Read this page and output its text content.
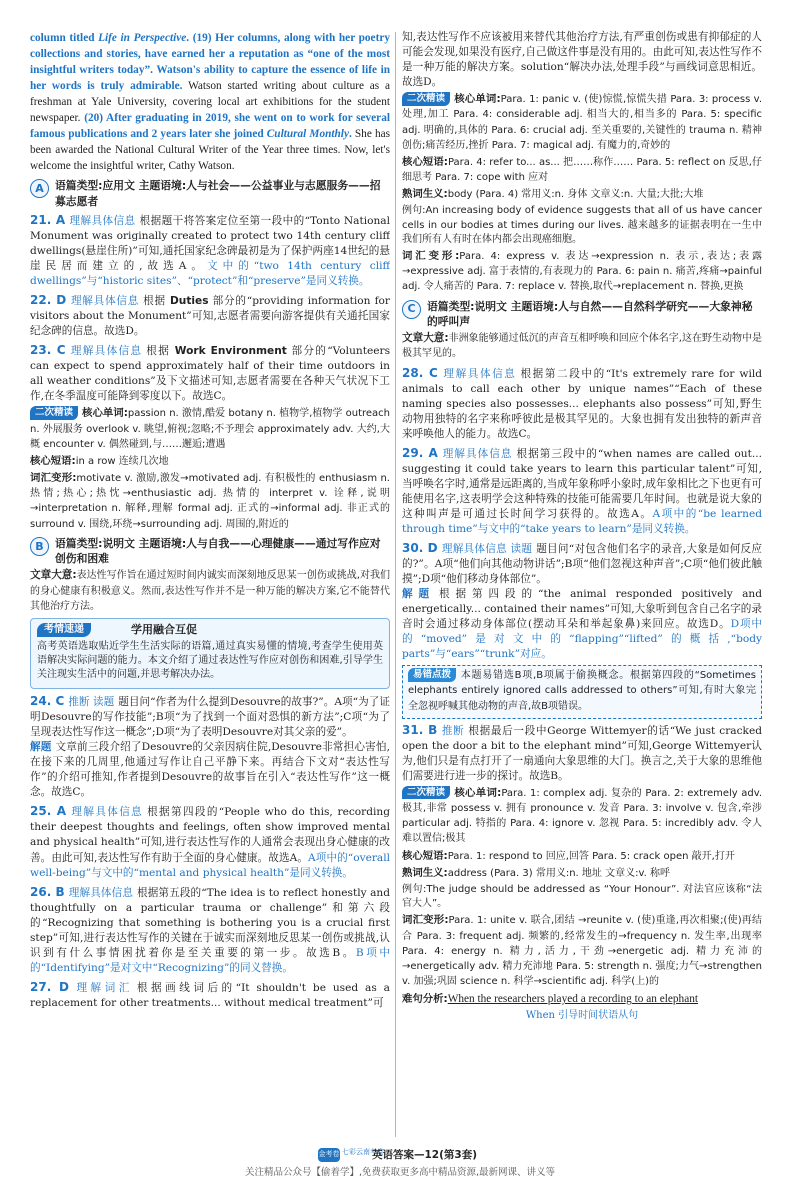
column titled Life in Perspective. (19) Her columns, along with her poetry collections and stories, have earned her a reputation as “one of the most insightful writers today”. Watson's ability to capture the essence of life in her words is truly admirable. Watson started writing about culture as a freshman at Yale University, covering local art exhibitions for the student newspaper. (20) After graduating in 2019, she went on to work for several famous publications and 2 years later she joined Cultural Monthly. She has been awarded the National Cultural Writer of the Year three times. Now, let's welcome the insightful writer, Cathy Watson.

A	语篇类型:应用文 主题语境:人与社会——公益事业与志愿服务——招募志愿者

21. A 理解具体信息 根据题干将答案定位至第一段中的“Tonto National Monument was originally created to protect two 14th century cliff dwellings(悬崖住所)”可知,通托国家纪念碑最初是为了保护两座14世纪的悬崖民居而建立的,故选A。文中的“two 14th century cliff dwellings”与“historic sites”、“protect”和“preserve”是同义转换。

22. D 理解具体信息 根据 Duties 部分的“providing information for visitors about the Monument”可知,志愿者需要向游客提供有关通托国家纪念碑的信息。故选D。

23. C 理解具体信息 根据 Work Environment 部分的“Volunteers can expect to spend approximately half of their time outdoors in all weather conditions”及下文描述可知,志愿者需要在各种天气状况下工作,在冬季温度可能降到零度以下。故选C。

二次精读 核心单词:passion n. 激情,酷爱 botany n. 植物学,植物学 outreach n. 外展服务 overlook v. 眺望,俯视;忽略;不予理会 approximately adv. 大约,大概 encounter v. 偶然碰到,与……邂逅;遭遇

核心短语:in a row 连续几次地

词汇变形:motivate v. 激励,激发→motivated adj. 有积极性的 enthusiasm n. 热情;热心;热忱→enthusiastic adj. 热情的 interpret v. 诠释,说明→interpretation n. 解释,理解 formal adj. 正式的→informal adj. 非正式的 surround v. 围绕,环绕→surrounding adj. 周围的,附近的

B	语篇类型:说明文 主题语境:人与自我——心理健康——通过写作应对创伤和困难

文章大意:表达性写作旨在通过短时间内诚实而深刻地反思某一创伤或挑战,对我们的身心健康有积极意义。然而,表达性写作并不是一种万能的解决方案,它不能替代其他治疗方法。

考情速递	学用融合互促

高考英语选取贴近学生生活实际的语篇,通过真实易懂的情境,考查学生使用英语解决实际问题的能力。本文介绍了通过表达性写作应对创伤和困难,引导学生关注现实生活中的问题,并思考解决办法。

24. C 推断 读题 题目问“作者为什么提到Desouvre的故事?”。A项“为了证明Desouvre的写作技能”;B项“为了找到一个面对恐惧的新方法”;C项“为了呈现表达性写作这一概念”;D项“为了表明Desouvre对其父亲的爱”。
解题 文章前三段介绍了Desouvre的父亲因病住院,Desouvre非常担心害怕,在接下来的几周里,他通过写作让自己平静下来。再结合下文对“表达性写作”的介绍可推知,作者提到Desouvre的故事旨在引入“表达性写作”这一概念。故选C。

25. A 理解具体信息 根据第四段的“People who do this, recording their deepest thoughts and feelings, often show improved mental and physical health”可知,进行表达性写作的人通常会表现出身心健康的改善。由此可知,表达性写作有助于全面的身心健康。故选A。A项中的“overall well-being”与文中的“mental and physical health”是同义转换。

26. B 理解具体信息 根据第五段的“The idea is to reflect honestly and thoughtfully on a particular trauma or challenge”和第六段的“Recognizing that something is bothering you is a crucial first step”可知,进行表达性写作的关键在于诚实而深刻地反思某一创伤或挑战,认识到有什么事情困扰着你是至关重要的第一步。故选B。B项中的“Identifying”是对文中“Recognizing”的同义替换。

27. D 理解词汇 根据画线词后的“It shouldn't be used as a replacement for other treatments... without medical treatment”可

知,表达性写作不应该被用来替代其他治疗方法,有严重创伤或患有抑郁症的人可能会发现,如果没有医疗,自己做这件事是没有用的。由此可知,表达性写作不是一种万能的解决方案。solution“解决办法,处理手段”与画线词意思相近。故选D。

二次精读 核心单词:Para. 1: panic v. (使)惊慌,惊慌失措 Para. 3: process v. 处理,加工 Para. 4: considerable adj. 相当大的,相当多的 Para. 5: specific adj. 明确的,具体的 Para. 6: crucial adj. 至关重要的,关键性的 trauma n. 精神创伤;痛苦经历,挫折 Para. 7: magical adj. 有魔力的,奇妙的

核心短语:Para. 4: refer to... as... 把……称作…… Para. 5: reflect on 反思,仔细思考 Para. 7: cope with 应对

熟词生义:body (Para. 4) 常用义:n. 身体 文章义:n. 大量;大批;大堆

例句:An increasing body of evidence suggests that all of us have cancer cells in our bodies at times during our lives. 越来越多的证据表明在一生中我们所有人有时在体内都会出现癌细胞。

词汇变形:Para. 4: express v. 表达→expression n. 表示,表达;表露→expressive adj. 富于表情的,有表现力的 Para. 6: pain n. 痛苦,疼痛→painful adj. 令人痛苦的 Para. 7: replace v. 替换,取代→replacement n. 替换,更换

C	语篇类型:说明文 主题语境:人与自然——自然科学研究——大象神秘的呼叫声

文章大意:非洲象能够通过低沉的声音互相呼唤和回应个体名字,这在野生动物中是极其罕见的。

28. C 理解具体信息 根据第二段中的“It's extremely rare for wild animals to call each other by unique names”“Each of these naming species also possesses... elephants also possess”可知,野生动物用独特的名字来称呼彼此是极其罕见的。大象也拥有发出独特的新声音来呼唤他人的能力。故选C。

29. A 理解具体信息 根据第三段中的“when names are called out... suggesting it could take years to learn this particular talent”可知,当呼唤名字时,通常是远距离的,当成年象称呼小象时,成年象相比之下也更有可能使用名字,这表明学会这种特殊的技能可能需要几年时间。也就是说大象的这种叫声是可通过长时间学习获得的。故选A。A项中的“be learned through time”与文中的“take years to learn”是同义转换。

30. D 理解具体信息 读题 题目问“对包含他们名字的录音,大象是如何反应的?”。A项“他们向其他动物讲话”;B项“他们忽视这种声音”;C项“他们彼此触摸”;D项“他们移动身体部位”。
解题 根据第四段的“the animal responded positively and energetically... contained their names”可知,大象听到包含自己名字的录音时会通过移动身体部位(摆动耳朵和举起象鼻)来回应。故选D。D项中的“moved”是对文中的“flapping”“lifted”的概括,“body parts”与“ears”“trunk”对应。

易错点拨 本题易错选B项,B项属于偷换概念。根据第四段的“Sometimes elephants entirely ignored calls addressed to others”可知,有时大象完全忽视呼喊其他动物的声音,故B项错误。

31. B 推断 根据最后一段中George Wittemyer的话“We just cracked open the door a bit to the elephant mind”可知,George Wittemyer认为,他们只是有点打开了一扇通向大象思维的大门。换言之,关于大象的思维他们需要进行进一步的探讨。故选B。

二次精读 核心单词:Para. 1: complex adj. 复杂的 Para. 2: extremely adv. 极其,非常 possess v. 拥有 pronounce v. 发音 Para. 3: involve v. 包含,牵涉 particular adj. 特指的 Para. 4: ignore v. 忽视 Para. 5: incredibly adv. 令人难以置信;极其

核心短语:Para. 1: respond to 回应,回答 Para. 5: crack open 敲开,打开

熟词生义:address (Para. 3) 常用义:n. 地址 文章义:v. 称呼

例句:The judge should be addressed as “Your Honour”. 对法官应该称“法官大人”。

词汇变形:Para. 1: unite v. 联合,团结 →reunite v. (使)重逢,再次相聚;(使)再结合 Para. 3: frequent adj. 频繁的,经常发生的→frequency n. 发生率,出现率 Para. 4: energy n. 精力,活力,干劲→energetic adj. 精力充沛的→energetically adv. 精力充沛地 Para. 5: strength n. 强度;力气→strengthen v. 加强;巩固 science n. 科学→scientific adj. 科学(上)的

难句分析:When the researchers played a recording to an elephant

When 引导时间状语从句

金考卷 七彩云南考卷
英语答案—12(第3套)
关注精品公众号【偷着学】,免费获取更多高中精品资源,最新网课、讲义等
